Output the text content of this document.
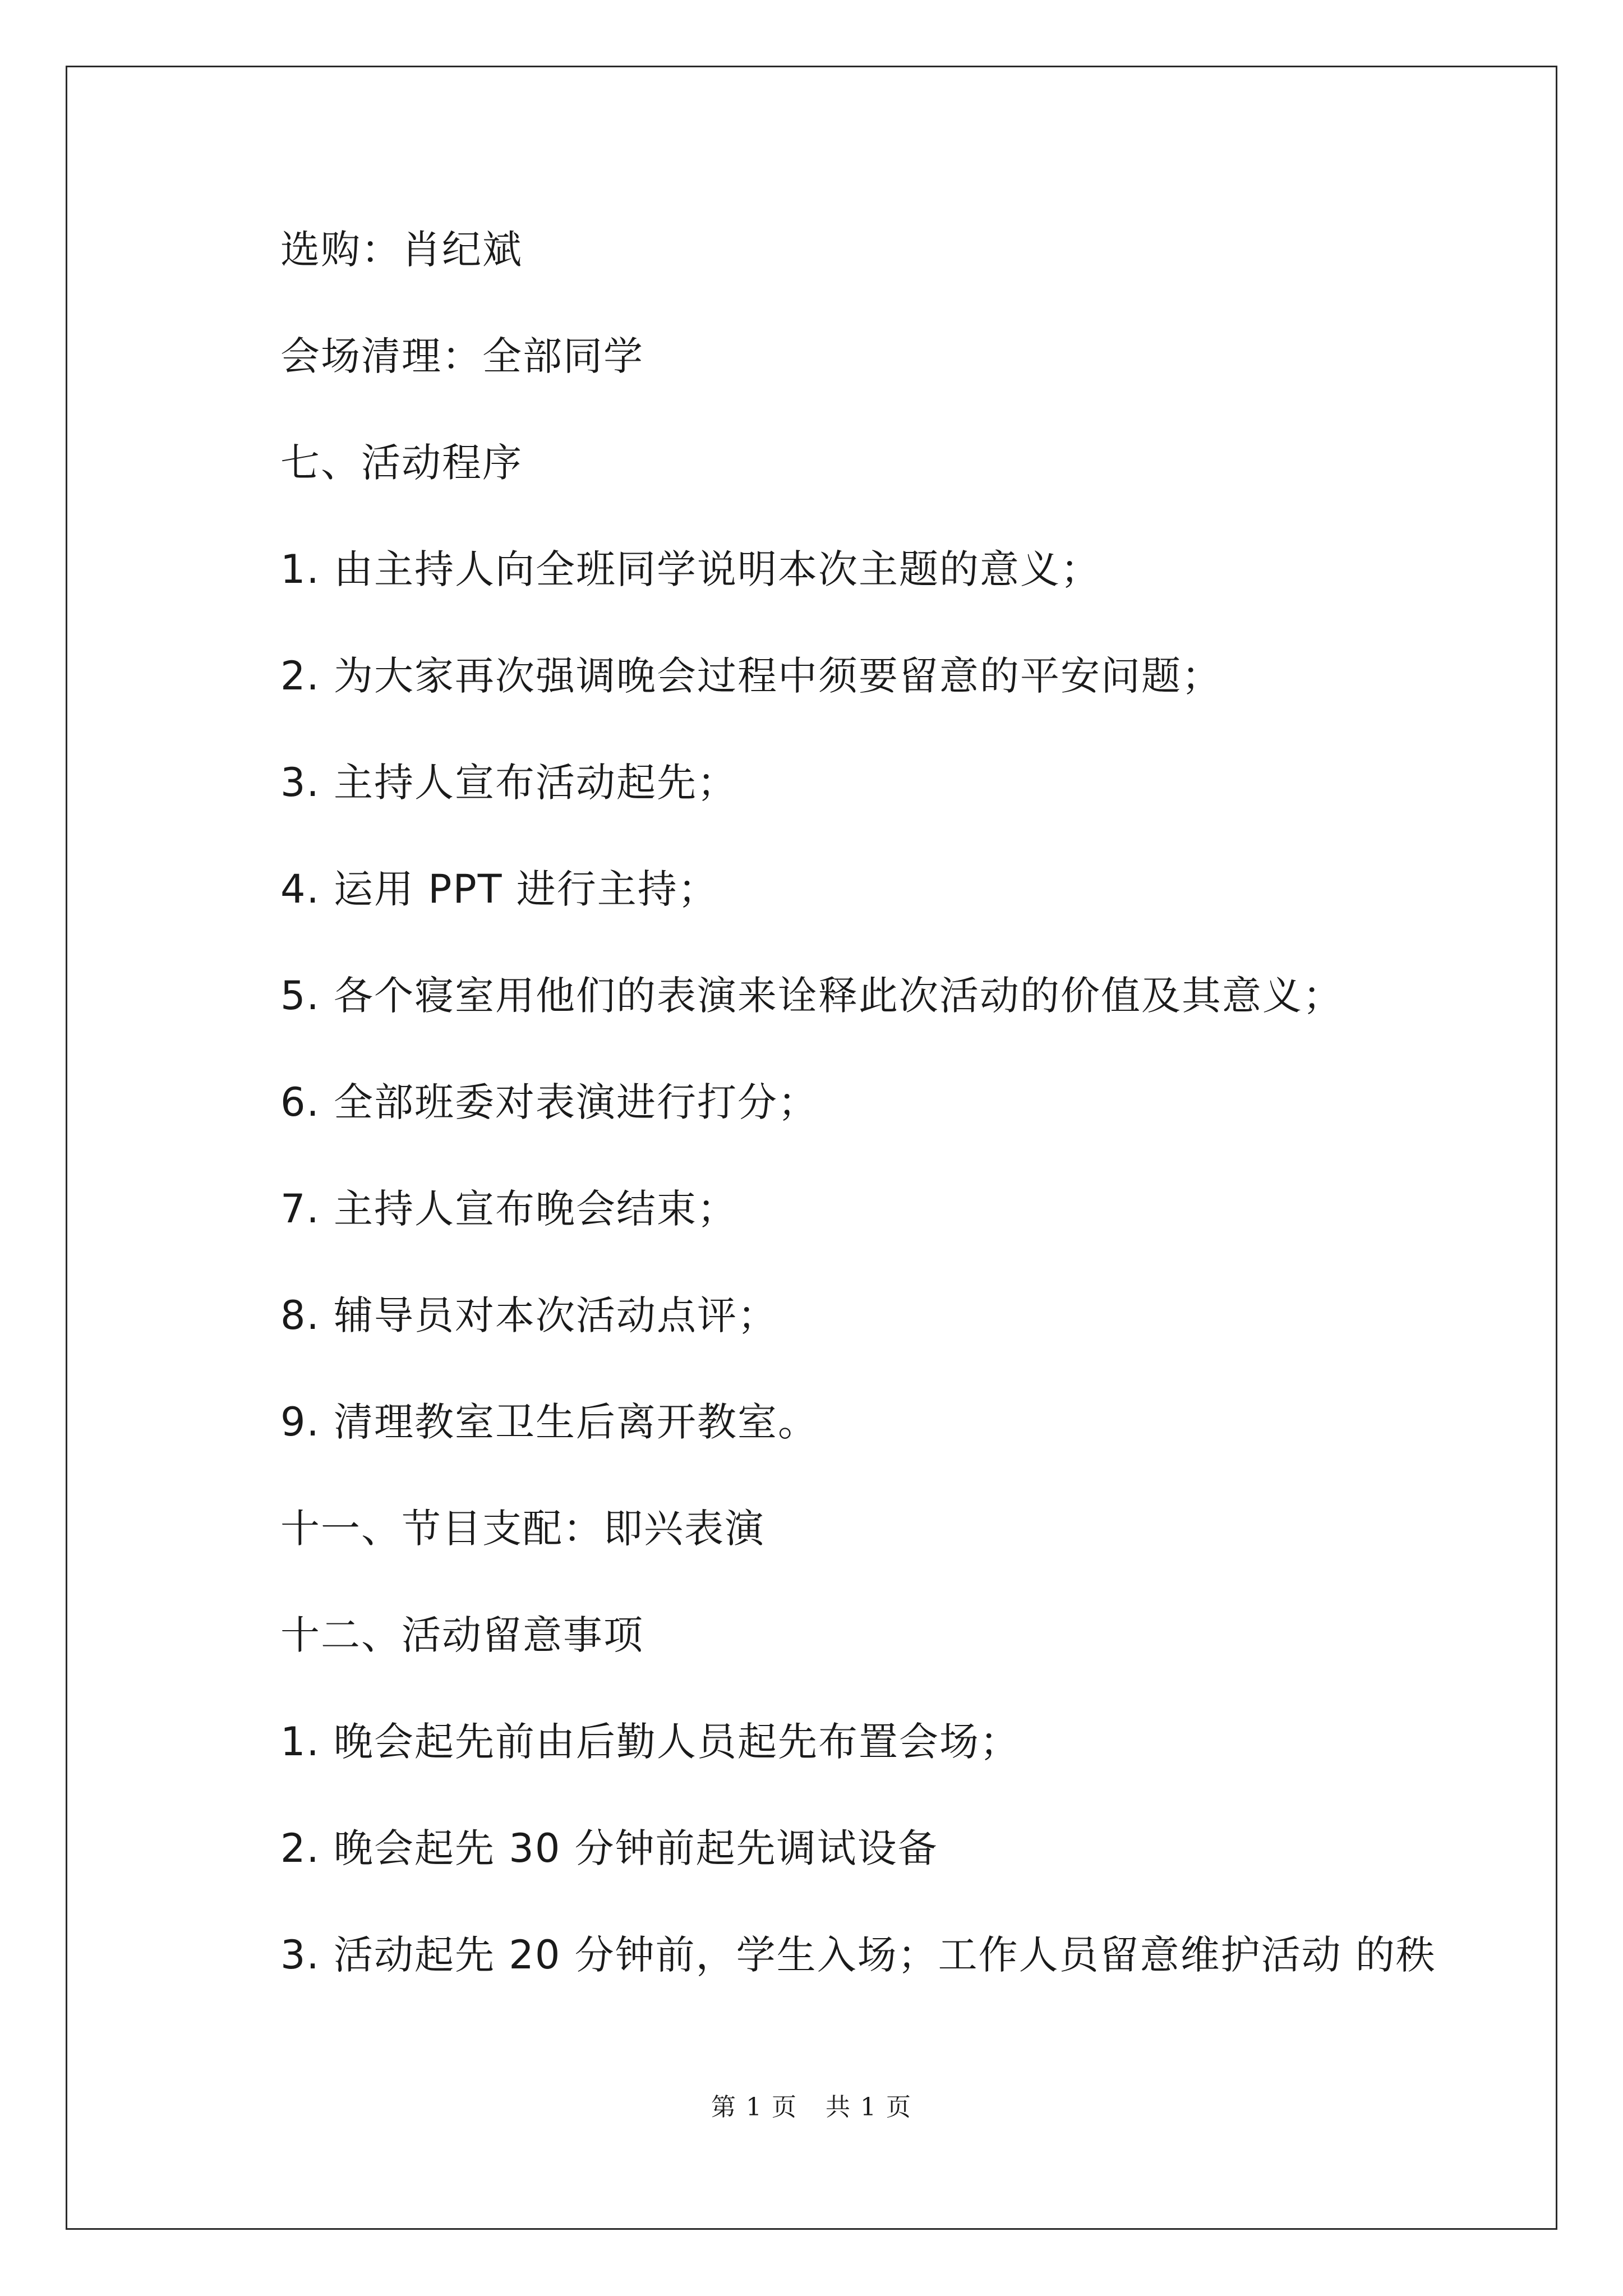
选购：肖纪斌
会场清理：全部同学
七、活动程序
1. 由主持人向全班同学说明本次主题的意义；
2. 为大家再次强调晚会过程中须要留意的平安问题；
3. 主持人宣布活动起先；
4. 运用 PPT 进行主持；
5. 各个寝室用他们的表演来诠释此次活动的价值及其意义；
6. 全部班委对表演进行打分；
7. 主持人宣布晚会结束；
8. 辅导员对本次活动点评；
9. 清理教室卫生后离开教室。
十一、节目支配：即兴表演
十二、活动留意事项
1. 晚会起先前由后勤人员起先布置会场；
2. 晚会起先 30 分钟前起先调试设备
3. 活动起先 20 分钟前，学生入场；工作人员留意维护活动 的秩
第 1 页 共 1 页
